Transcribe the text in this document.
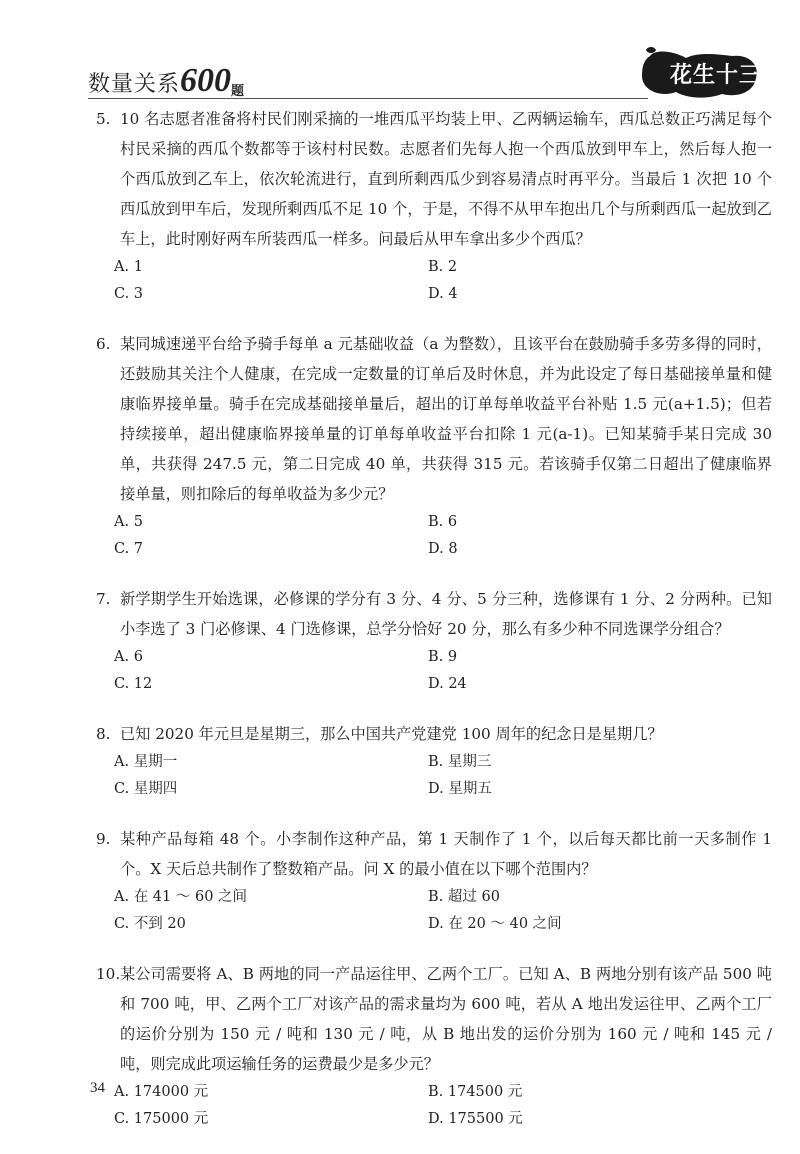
数量关系600题
花生十三
5. 10 名志愿者准备将村民们刚采摘的一堆西瓜平均装上甲、乙两辆运输车，西瓜总数正巧满足每个村民采摘的西瓜个数都等于该村村民数。志愿者们先每人抱一个西瓜放到甲车上，然后每人抱一个西瓜放到乙车上，依次轮流进行，直到所剩西瓜少到容易清点时再平分。当最后 1 次把 10 个西瓜放到甲车后，发现所剩西瓜不足 10 个，于是，不得不从甲车抱出几个与所剩西瓜一起放到乙车上，此时刚好两车所装西瓜一样多。问最后从甲车拿出多少个西瓜？
A. 1	B. 2
C. 3	D. 4
6. 某同城速递平台给予骑手每单 a 元基础收益（a 为整数），且该平台在鼓励骑手多劳多得的同时，还鼓励其关注个人健康，在完成一定数量的订单后及时休息，并为此设定了每日基础接单量和健康临界接单量。骑手在完成基础接单量后，超出的订单每单收益平台补贴 1.5 元(a+1.5)；但若持续接单，超出健康临界接单量的订单每单收益平台扣除 1 元(a-1)。已知某骑手某日完成 30 单，共获得 247.5 元，第二日完成 40 单，共获得 315 元。若该骑手仅第二日超出了健康临界接单量，则扣除后的每单收益为多少元？
A. 5	B. 6
C. 7	D. 8
7. 新学期学生开始选课，必修课的学分有 3 分、4 分、5 分三种，选修课有 1 分、2 分两种。已知小李选了 3 门必修课、4 门选修课，总学分恰好 20 分，那么有多少种不同选课学分组合？
A. 6	B. 9
C. 12	D. 24
8. 已知 2020 年元旦是星期三，那么中国共产党建党 100 周年的纪念日是星期几？
A. 星期一	B. 星期三
C. 星期四	D. 星期五
9. 某种产品每箱 48 个。小李制作这种产品，第 1 天制作了 1 个，以后每天都比前一天多制作 1 个。X 天后总共制作了整数箱产品。问 X 的最小值在以下哪个范围内？
A. 在 41 ～ 60 之间	B. 超过 60
C. 不到 20	D. 在 20 ～ 40 之间
10. 某公司需要将 A、B 两地的同一产品运往甲、乙两个工厂。已知 A、B 两地分别有该产品 500 吨和 700 吨，甲、乙两个工厂对该产品的需求量均为 600 吨，若从 A 地出发运往甲、乙两个工厂的运价分别为 150 元 / 吨和 130 元 / 吨，从 B 地出发的运价分别为 160 元 / 吨和 145 元 / 吨，则完成此项运输任务的运费最少是多少元？
A. 174000 元	B. 174500 元
C. 175000 元	D. 175500 元
34
